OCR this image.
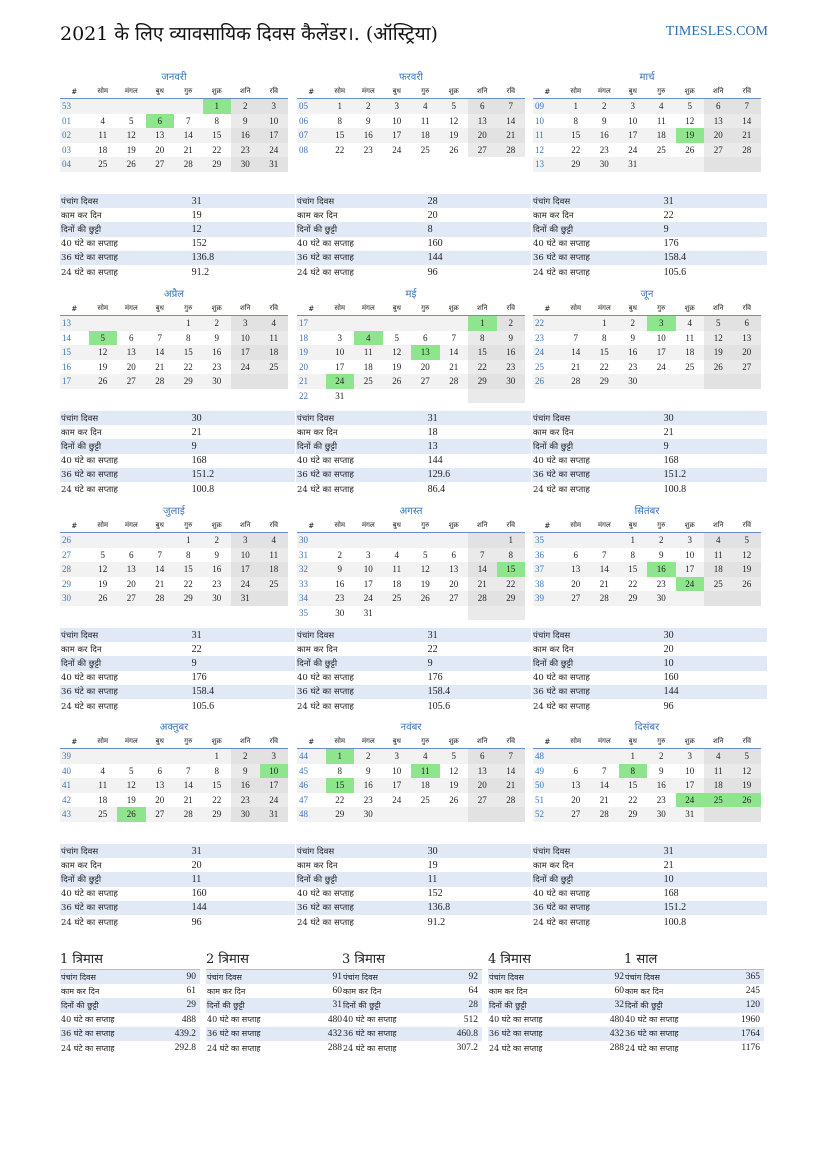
2021 के लिए व्यावसायिक दिवस कैलेंडर।. (ऑस्ट्रिया)	TIMESLES.COM
जनवरी
#	सोम	मंगल	बुध	गुरु	शुक्र	शनि	रवि
53					1	2	3
01	4	5	6	7	8	9	10
02	11	12	13	14	15	16	17
03	18	19	20	21	22	23	24
04	25	26	27	28	29	30	31
पंचांग दिवस	31
काम कर दिन	19
दिनों की छुट्टी	12
40 घंटे का सप्ताह	152
36 घंटे का सप्ताह	136.8
24 घंटे का सप्ताह	91.2
फरवरी
#	सोम	मंगल	बुध	गुरु	शुक्र	शनि	रवि
05	1	2	3	4	5	6	7
06	8	9	10	11	12	13	14
07	15	16	17	18	19	20	21
08	22	23	24	25	26	27	28
पंचांग दिवस	28
काम कर दिन	20
दिनों की छुट्टी	8
40 घंटे का सप्ताह	160
36 घंटे का सप्ताह	144
24 घंटे का सप्ताह	96
मार्च
#	सोम	मंगल	बुध	गुरु	शुक्र	शनि	रवि
09	1	2	3	4	5	6	7
10	8	9	10	11	12	13	14
11	15	16	17	18	19	20	21
12	22	23	24	25	26	27	28
13	29	30	31				
पंचांग दिवस	31
काम कर दिन	22
दिनों की छुट्टी	9
40 घंटे का सप्ताह	176
36 घंटे का सप्ताह	158.4
24 घंटे का सप्ताह	105.6
अप्रैल
#	सोम	मंगल	बुध	गुरु	शुक्र	शनि	रवि
13				1	2	3	4
14	5	6	7	8	9	10	11
15	12	13	14	15	16	17	18
16	19	20	21	22	23	24	25
17	26	27	28	29	30		
पंचांग दिवस	30
काम कर दिन	21
दिनों की छुट्टी	9
40 घंटे का सप्ताह	168
36 घंटे का सप्ताह	151.2
24 घंटे का सप्ताह	100.8
मई
#	सोम	मंगल	बुध	गुरु	शुक्र	शनि	रवि
17						1	2
18	3	4	5	6	7	8	9
19	10	11	12	13	14	15	16
20	17	18	19	20	21	22	23
21	24	25	26	27	28	29	30
22	31						
पंचांग दिवस	31
काम कर दिन	18
दिनों की छुट्टी	13
40 घंटे का सप्ताह	144
36 घंटे का सप्ताह	129.6
24 घंटे का सप्ताह	86.4
जून
#	सोम	मंगल	बुध	गुरु	शुक्र	शनि	रवि
22		1	2	3	4	5	6
23	7	8	9	10	11	12	13
24	14	15	16	17	18	19	20
25	21	22	23	24	25	26	27
26	28	29	30				
पंचांग दिवस	30
काम कर दिन	21
दिनों की छुट्टी	9
40 घंटे का सप्ताह	168
36 घंटे का सप्ताह	151.2
24 घंटे का सप्ताह	100.8
जुलाई
#	सोम	मंगल	बुध	गुरु	शुक्र	शनि	रवि
26				1	2	3	4
27	5	6	7	8	9	10	11
28	12	13	14	15	16	17	18
29	19	20	21	22	23	24	25
30	26	27	28	29	30	31	
पंचांग दिवस	31
काम कर दिन	22
दिनों की छुट्टी	9
40 घंटे का सप्ताह	176
36 घंटे का सप्ताह	158.4
24 घंटे का सप्ताह	105.6
अगस्त
#	सोम	मंगल	बुध	गुरु	शुक्र	शनि	रवि
30							1
31	2	3	4	5	6	7	8
32	9	10	11	12	13	14	15
33	16	17	18	19	20	21	22
34	23	24	25	26	27	28	29
35	30	31					
पंचांग दिवस	31
काम कर दिन	22
दिनों की छुट्टी	9
40 घंटे का सप्ताह	176
36 घंटे का सप्ताह	158.4
24 घंटे का सप्ताह	105.6
सितंबर
#	सोम	मंगल	बुध	गुरु	शुक्र	शनि	रवि
35			1	2	3	4	5
36	6	7	8	9	10	11	12
37	13	14	15	16	17	18	19
38	20	21	22	23	24	25	26
39	27	28	29	30			
पंचांग दिवस	30
काम कर दिन	20
दिनों की छुट्टी	10
40 घंटे का सप्ताह	160
36 घंटे का सप्ताह	144
24 घंटे का सप्ताह	96
अक्तुबर
#	सोम	मंगल	बुध	गुरु	शुक्र	शनि	रवि
39					1	2	3
40	4	5	6	7	8	9	10
41	11	12	13	14	15	16	17
42	18	19	20	21	22	23	24
43	25	26	27	28	29	30	31
पंचांग दिवस	31
काम कर दिन	20
दिनों की छुट्टी	11
40 घंटे का सप्ताह	160
36 घंटे का सप्ताह	144
24 घंटे का सप्ताह	96
नवंबर
#	सोम	मंगल	बुध	गुरु	शुक्र	शनि	रवि
44	1	2	3	4	5	6	7
45	8	9	10	11	12	13	14
46	15	16	17	18	19	20	21
47	22	23	24	25	26	27	28
48	29	30					
पंचांग दिवस	30
काम कर दिन	19
दिनों की छुट्टी	11
40 घंटे का सप्ताह	152
36 घंटे का सप्ताह	136.8
24 घंटे का सप्ताह	91.2
दिसंबर
#	सोम	मंगल	बुध	गुरु	शुक्र	शनि	रवि
48			1	2	3	4	5
49	6	7	8	9	10	11	12
50	13	14	15	16	17	18	19
51	20	21	22	23	24	25	26
52	27	28	29	30	31		
पंचांग दिवस	31
काम कर दिन	21
दिनों की छुट्टी	10
40 घंटे का सप्ताह	168
36 घंटे का सप्ताह	151.2
24 घंटे का सप्ताह	100.8
1 त्रिमास
पंचांग दिवस	90
काम कर दिन	61
दिनों की छुट्टी	29
40 घंटे का सप्ताह	488
36 घंटे का सप्ताह	439.2
24 घंटे का सप्ताह	292.8
2 त्रिमास
पंचांग दिवस	91
काम कर दिन	60
दिनों की छुट्टी	31
40 घंटे का सप्ताह	480
36 घंटे का सप्ताह	432
24 घंटे का सप्ताह	288
3 त्रिमास
पंचांग दिवस	92
काम कर दिन	64
दिनों की छुट्टी	28
40 घंटे का सप्ताह	512
36 घंटे का सप्ताह	460.8
24 घंटे का सप्ताह	307.2
4 त्रिमास
पंचांग दिवस	92
काम कर दिन	60
दिनों की छुट्टी	32
40 घंटे का सप्ताह	480
36 घंटे का सप्ताह	432
24 घंटे का सप्ताह	288
1 साल
पंचांग दिवस	365
काम कर दिन	245
दिनों की छुट्टी	120
40 घंटे का सप्ताह	1960
36 घंटे का सप्ताह	1764
24 घंटे का सप्ताह	1176
